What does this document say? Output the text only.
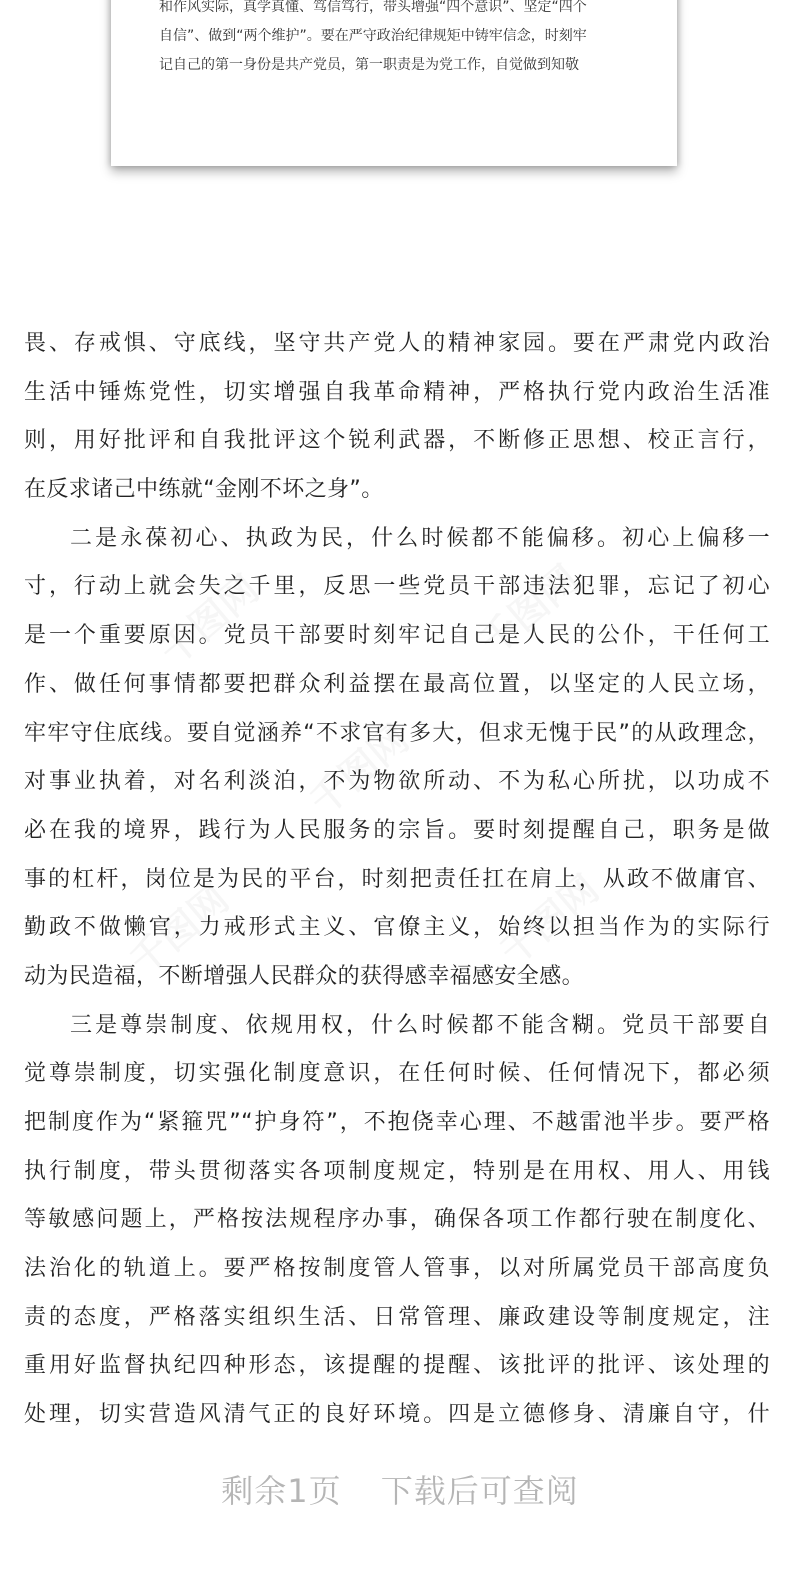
和作风实际，真学真懂、笃信笃行，带头增强“四个意识”、坚定“四个
自信”、做到“两个维护”。要在严守政治纪律规矩中铸牢信念，时刻牢
记自己的第一身份是共产党员，第一职责是为党工作，自觉做到知敬
畏、存戒惧、守底线，坚守共产党人的精神家园。要在严肃党内政治
生活中锤炼党性，切实增强自我革命精神，严格执行党内政治生活准
则，用好批评和自我批评这个锐利武器，不断修正思想、校正言行，
在反求诸己中练就“金刚不坏之身”。
二是永葆初心、执政为民，什么时候都不能偏移。初心上偏移一
寸，行动上就会失之千里，反思一些党员干部违法犯罪，忘记了初心
是一个重要原因。党员干部要时刻牢记自己是人民的公仆，干任何工
作、做任何事情都要把群众利益摆在最高位置，以坚定的人民立场，
牢牢守住底线。要自觉涵养“不求官有多大，但求无愧于民”的从政理念，
对事业执着，对名利淡泊，不为物欲所动、不为私心所扰，以功成不
必在我的境界，践行为人民服务的宗旨。要时刻提醒自己，职务是做
事的杠杆，岗位是为民的平台，时刻把责任扛在肩上，从政不做庸官、
勤政不做懒官，力戒形式主义、官僚主义，始终以担当作为的实际行
动为民造福，不断增强人民群众的获得感幸福感安全感。
三是尊崇制度、依规用权，什么时候都不能含糊。党员干部要自
觉尊崇制度，切实强化制度意识，在任何时候、任何情况下，都必须
把制度作为“紧箍咒”“护身符”，不抱侥幸心理、不越雷池半步。要严格
执行制度，带头贯彻落实各项制度规定，特别是在用权、用人、用钱
等敏感问题上，严格按法规程序办事，确保各项工作都行驶在制度化、
法治化的轨道上。要严格按制度管人管事，以对所属党员干部高度负
责的态度，严格落实组织生活、日常管理、廉政建设等制度规定，注
重用好监督执纪四种形态，该提醒的提醒、该批评的批评、该处理的
处理，切实营造风清气正的良好环境。四是立德修身、清廉自守，什
剩余1页 下载后可查阅
